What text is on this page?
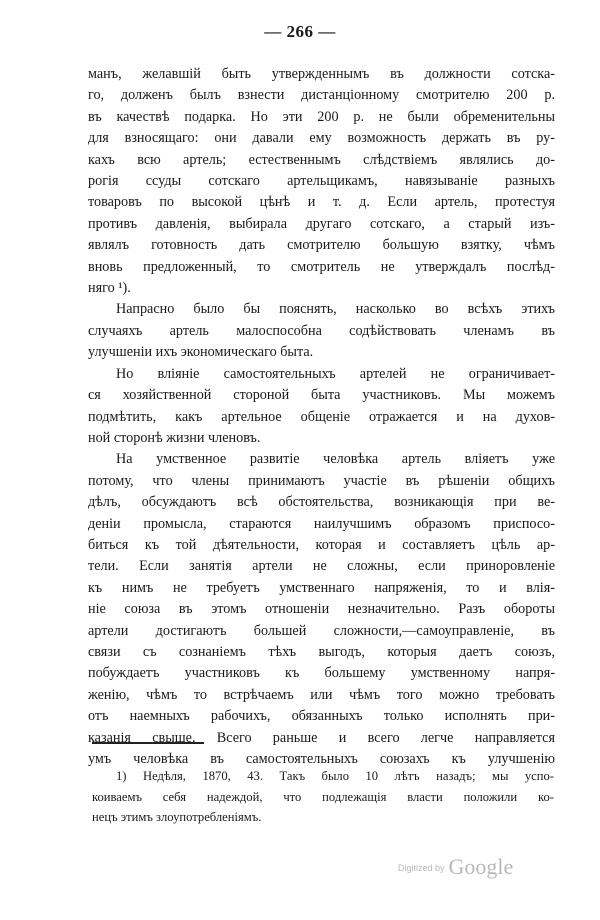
— 266 —
манъ, желавшій быть утвержденнымъ въ должности сотска-
го, долженъ былъ взнести дистанціонному смотрителю 200 р.
въ качествѣ подарка. Но эти 200 р. не были обременительны
для взносящаго: они давали ему возможность держать въ ру-
кахъ всю артель; естественнымъ слѣдствіемъ являлись до-
рогія ссуды сотскаго артельщикамъ, навязываніе разныхъ
товаровъ по высокой цѣнѣ и т. д. Если артель, протестуя
противъ давленія, выбирала другаго сотскаго, а старый изъ-
являлъ готовность дать смотрителю большую взятку, чѣмъ
вновь предложенный, то смотритель не утверждалъ послѣд-
няго ¹).
Напрасно было бы пояснять, насколько во всѣхъ этихъ
случаяхъ артель малоспособна содѣйствовать членамъ въ
улучшеніи ихъ экономическаго быта.
Но вліяніе самостоятельныхъ артелей не ограничивает-
ся хозяйственной стороной быта участниковъ. Мы можемъ
подмѣтить, какъ артельное общеніе отражается и на духов-
ной сторонѣ жизни членовъ.
На умственное развитіе человѣка артель вліяетъ уже
потому, что члены принимаютъ участіе въ рѣшеніи общихъ
дѣлъ, обсуждаютъ всѣ обстоятельства, возникающія при ве-
деніи промысла, стараются наилучшимъ образомъ приспосо-
биться къ той дѣятельности, которая и составляетъ цѣль ар-
тели. Если занятія артели не сложны, если приноровленіе
къ нимъ не требуетъ умственнаго напряженія, то и влія-
ніе союза въ этомъ отношеніи незначительно. Разъ обороты
артели достигаютъ большей сложности,—самоуправленіе, въ
связи съ сознаніемъ тѣхъ выгодъ, которыя даетъ союзъ,
побуждаетъ участниковъ къ большему умственному напря-
женію, чѣмъ то встрѣчаемъ или чѣмъ того можно требовать
отъ наемныхъ рабочихъ, обязанныхъ только исполнять при-
казанія свыше. Всего раньше и всего легче направляется
умъ человѣка въ самостоятельныхъ союзахъ къ улучшенію
1) Недѣля, 1870, 43. Такъ было 10 лѣтъ назадъ; мы успо-
коиваемъ себя надеждой, что подлежащія власти положили ко-
нецъ этимъ злоупотребленіямъ.
Digitized by Google
